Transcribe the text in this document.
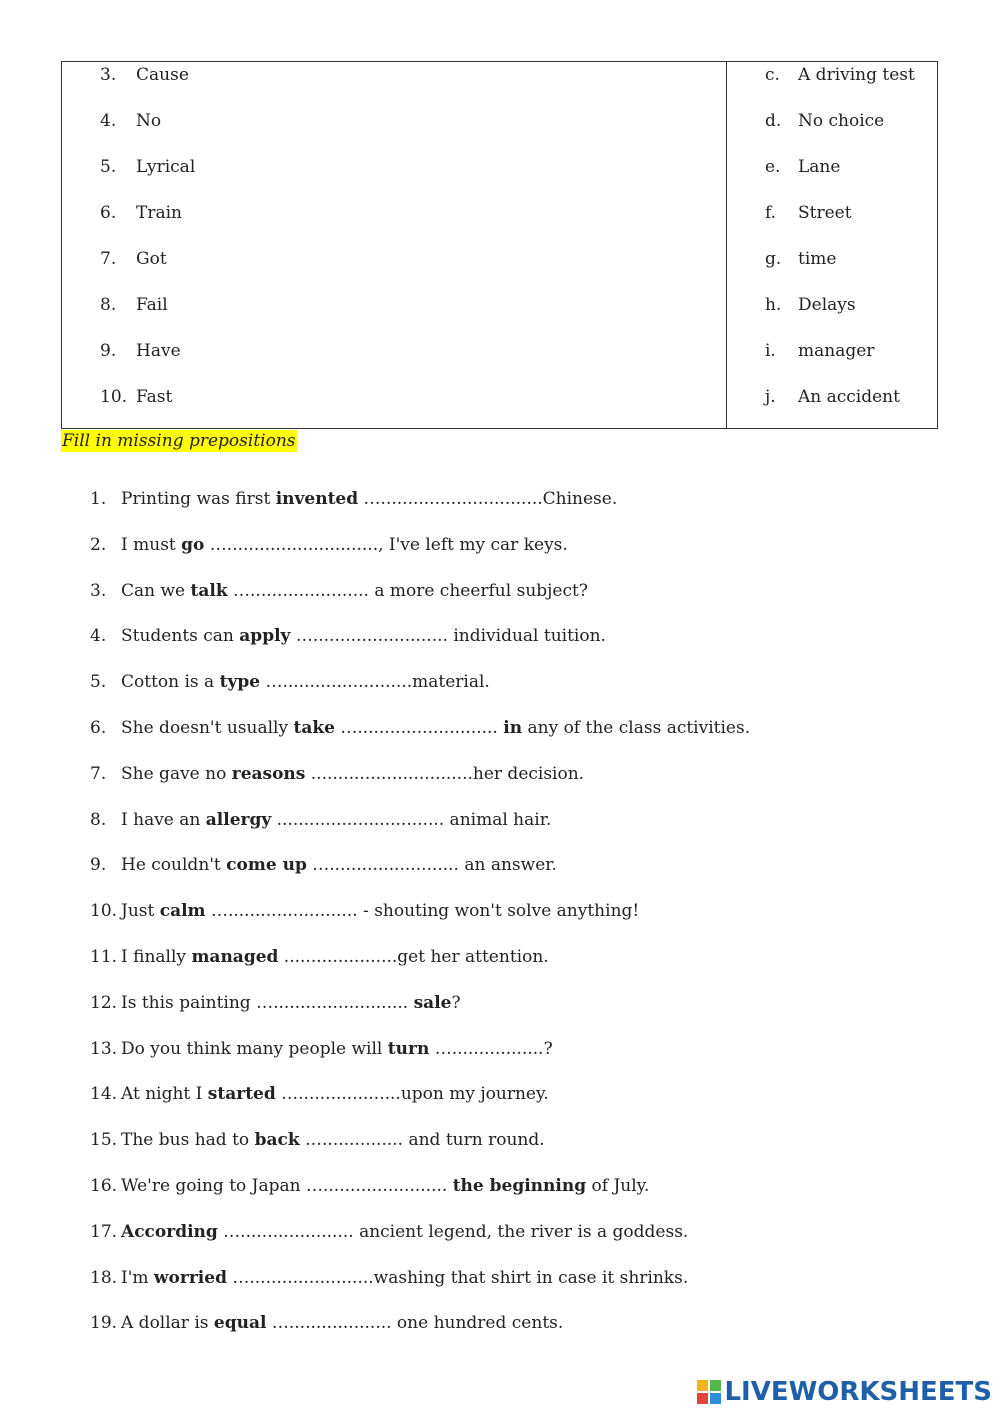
3. Cause
4. No
5. Lyrical
6. Train
7. Got
8. Fail
9. Have
10. Fast
c. A driving test
d. No choice
e. Lane
f. Street
g. time
h. Delays
i. manager
j. An accident
Fill in missing prepositions
1. Printing was first invented …..............................Chinese.
2. I must go …............................, I've left my car keys.
3. Can we talk …...................... a more cheerful subject?
4. Students can apply …......................... individual tuition.
5. Cotton is a type …........................material.
6. She doesn't usually take ….......................... in any of the class activities.
7. She gave no reasons ..............................her decision.
8. I have an allergy ............................... animal hair.
9. He couldn't come up …........................ an answer.
10. Just calm …........................ - shouting won't solve anything!
11. I finally managed .....................get her attention.
12. Is this painting …......................... sale?
13. Do you think many people will turn ….................?
14. At night I started …...................upon my journey.
15. The bus had to back …............... and turn round.
16. We're going to Japan …....................... the beginning of July.
17. According …..................... ancient legend, the river is a goddess.
18. I'm worried ….......................washing that shirt in case it shrinks.
19. A dollar is equal …................... one hundred cents.
LIVEWORKSHEETS
